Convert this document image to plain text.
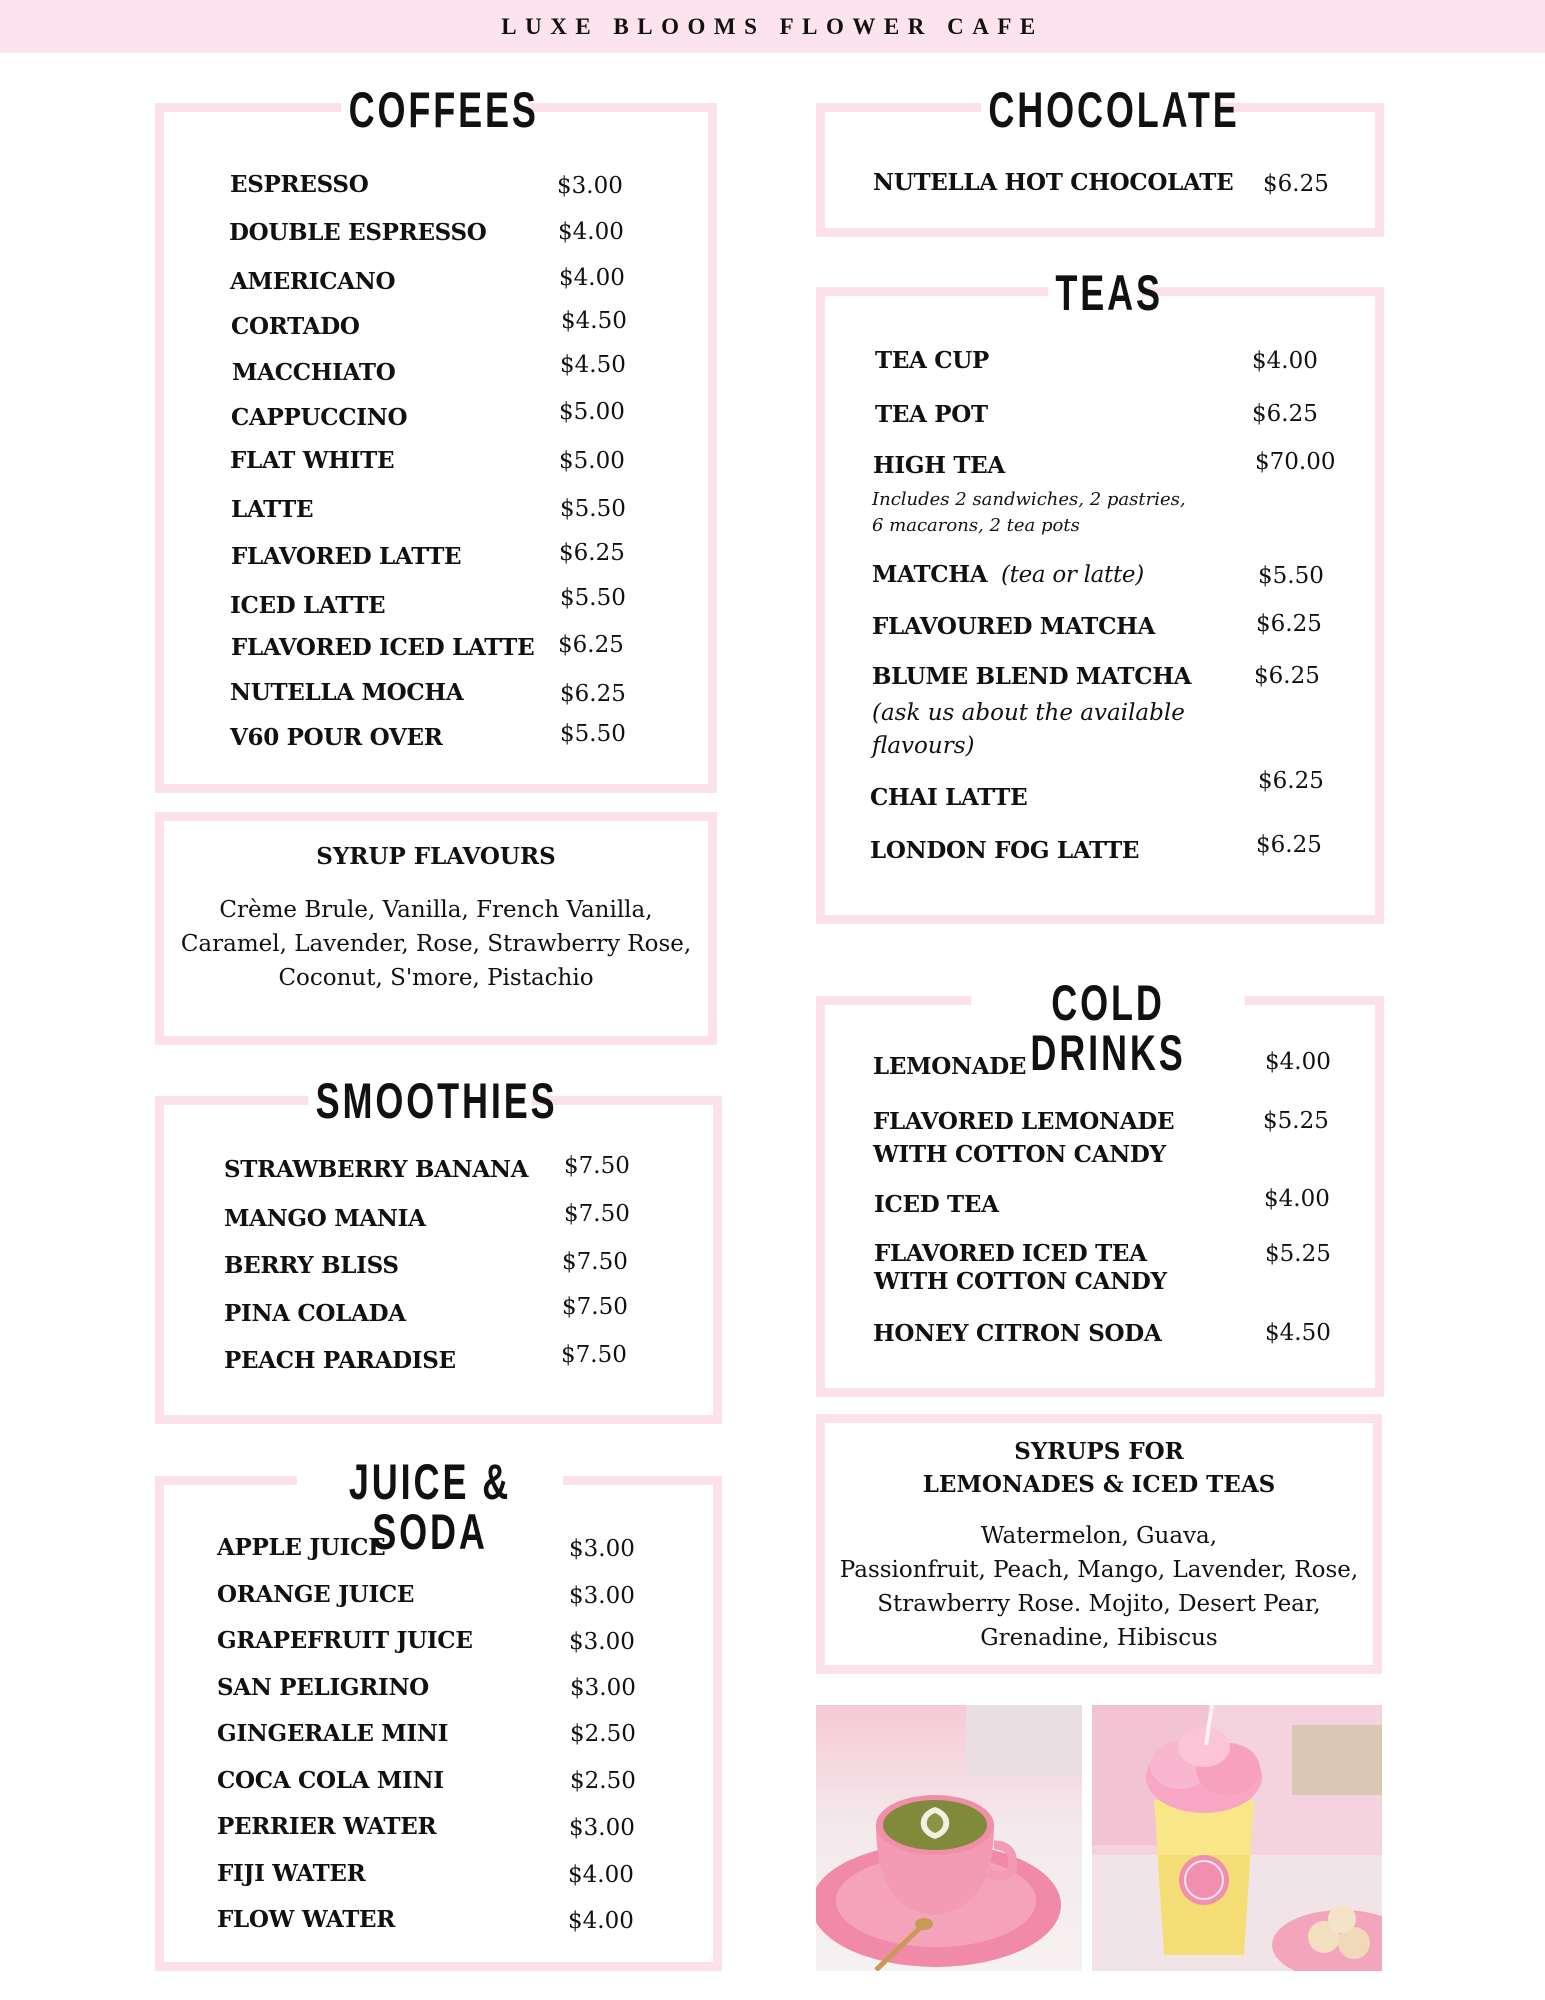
LUXE BLOOMS FLOWER CAFE
COFFEES
ESPRESSO	$3.00
DOUBLE ESPRESSO	$4.00
AMERICANO	$4.00
CORTADO	$4.50
MACCHIATO	$4.50
CAPPUCCINO	$5.00
FLAT WHITE	$5.00
LATTE	$5.50
FLAVORED LATTE	$6.25
ICED LATTE	$5.50
FLAVORED ICED LATTE $6.25
NUTELLA MOCHA	$6.25
V60 POUR OVER	$5.50
SYRUP FLAVOURS
Crème Brule, Vanilla, French Vanilla,
Caramel, Lavender, Rose, Strawberry Rose,
Coconut, S'more, Pistachio
SMOOTHIES
STRAWBERRY BANANA $7.50
MANGO MANIA	$7.50
BERRY BLISS	$7.50
PINA COLADA	$7.50
PEACH PARADISE	$7.50
JUICE & SODA
APPLE JUICE	$3.00
ORANGE JUICE	$3.00
GRAPEFRUIT JUICE	$3.00
SAN PELIGRINO	$3.00
GINGERALE MINI	$2.50
COCA COLA MINI	$2.50
PERRIER WATER	$3.00
FIJI WATER	$4.00
FLOW WATER	$4.00
CHOCOLATE
NUTELLA HOT CHOCOLATE $6.25
TEAS
TEA CUP	$4.00
TEA POT	$6.25
HIGH TEA	$70.00
Includes 2 sandwiches, 2 pastries,
6 macarons, 2 tea pots
MATCHA (tea or latte)	$5.50
FLAVOURED MATCHA	$6.25
BLUME BLEND MATCHA	$6.25
(ask us about the available
flavours)
CHAI LATTE
$6.25
LONDON FOG LATTE	$6.25
COLD DRINKS
LEMONADE	$4.00
FLAVORED LEMONADE
WITH COTTON CANDY
$5.25
ICED TEA	$4.00
FLAVORED ICED TEA
WITH COTTON CANDY
$5.25
HONEY CITRON SODA	$4.50
SYRUPS FOR
LEMONADES & ICED TEAS
Watermelon, Guava,
Passionfruit, Peach, Mango, Lavender, Rose,
Strawberry Rose. Mojito, Desert Pear,
Grenadine, Hibiscus
